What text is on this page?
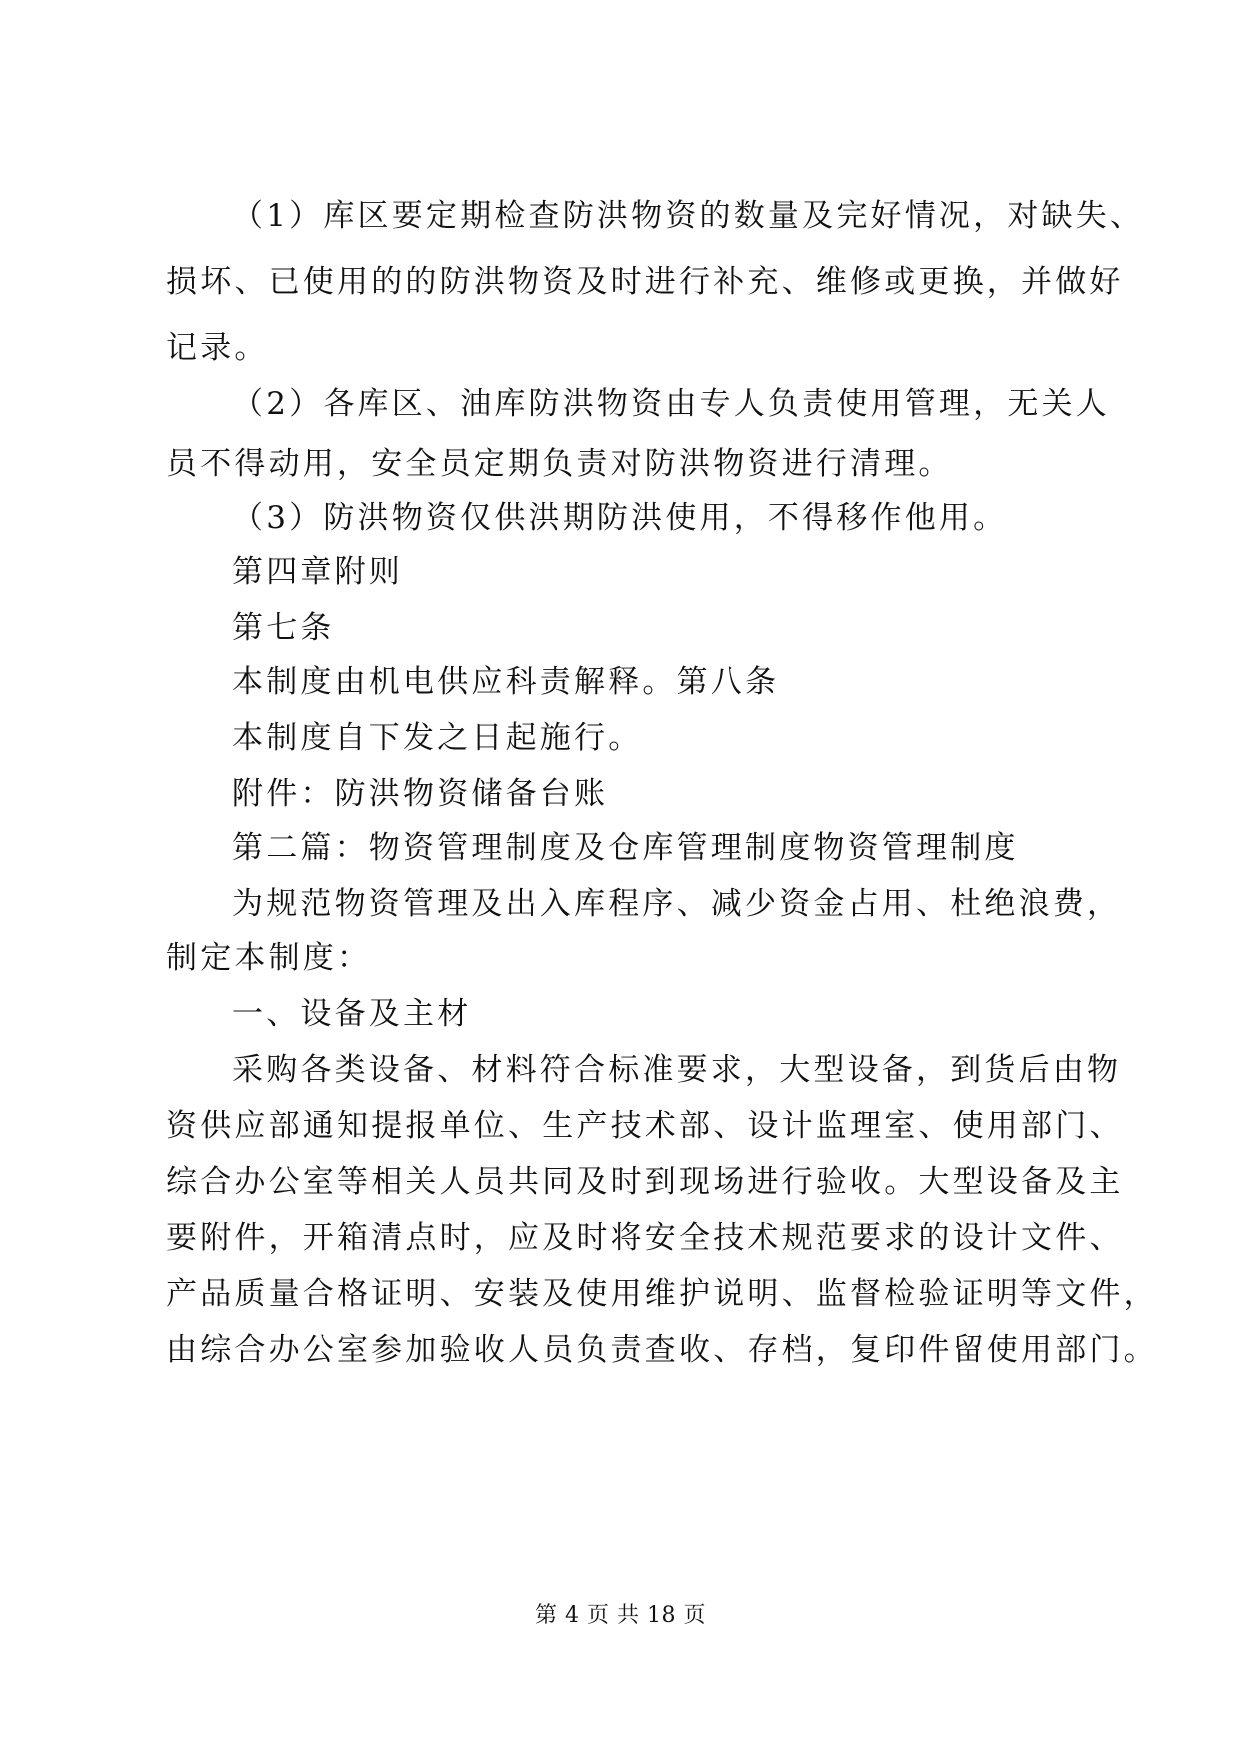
（1）库区要定期检查防洪物资的数量及完好情况，对缺失、
损坏、已使用的的防洪物资及时进行补充、维修或更换，并做好
记录。
（2）各库区、油库防洪物资由专人负责使用管理，无关人
员不得动用，安全员定期负责对防洪物资进行清理。
（3）防洪物资仅供洪期防洪使用，不得移作他用。
第四章附则
第七条
本制度由机电供应科责解释。第八条
本制度自下发之日起施行。
附件：防洪物资储备台账
第二篇：物资管理制度及仓库管理制度物资管理制度
为规范物资管理及出入库程序、减少资金占用、杜绝浪费，
制定本制度：
一、设备及主材
采购各类设备、材料符合标准要求，大型设备，到货后由物
资供应部通知提报单位、生产技术部、设计监理室、使用部门、
综合办公室等相关人员共同及时到现场进行验收。大型设备及主
要附件，开箱清点时，应及时将安全技术规范要求的设计文件、
产品质量合格证明、安装及使用维护说明、监督检验证明等文件，
由综合办公室参加验收人员负责查收、存档，复印件留使用部门。
第 4 页 共 18 页
